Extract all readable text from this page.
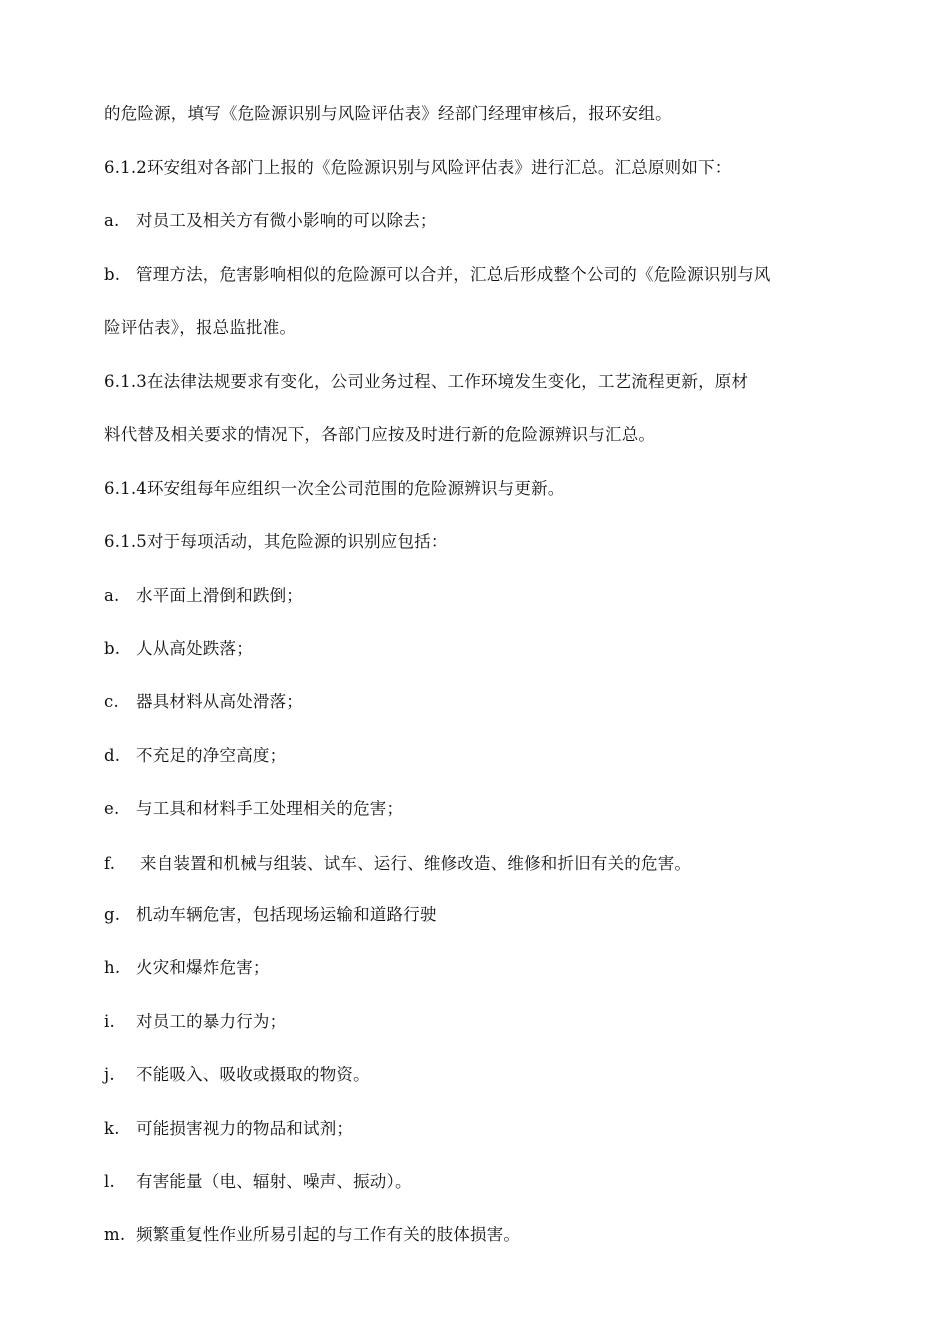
的危险源，填写《危险源识别与风险评估表》经部门经理审核后，报环安组。
6.1.2环安组对各部门上报的《危险源识别与风险评估表》进行汇总。汇总原则如下：
a. 对员工及相关方有微小影响的可以除去；
b. 管理方法，危害影响相似的危险源可以合并，汇总后形成整个公司的《危险源识别与风
险评估表》，报总监批准。
6.1.3在法律法规要求有变化，公司业务过程、工作环境发生变化，工艺流程更新，原材
料代替及相关要求的情况下，各部门应按及时进行新的危险源辨识与汇总。
6.1.4环安组每年应组织一次全公司范围的危险源辨识与更新。
6.1.5对于每项活动，其危险源的识别应包括：
a. 水平面上滑倒和跌倒；
b. 人从高处跌落；
c. 器具材料从高处滑落；
d. 不充足的净空高度；
e. 与工具和材料手工处理相关的危害；
f. 来自装置和机械与组装、试车、运行、维修改造、维修和折旧有关的危害。
g. 机动车辆危害，包括现场运输和道路行驶
h. 火灾和爆炸危害；
i. 对员工的暴力行为；
j. 不能吸入、吸收或摄取的物资。
k. 可能损害视力的物品和试剂；
l. 有害能量（电、辐射、噪声、振动）。
m. 频繁重复性作业所易引起的与工作有关的肢体损害。
